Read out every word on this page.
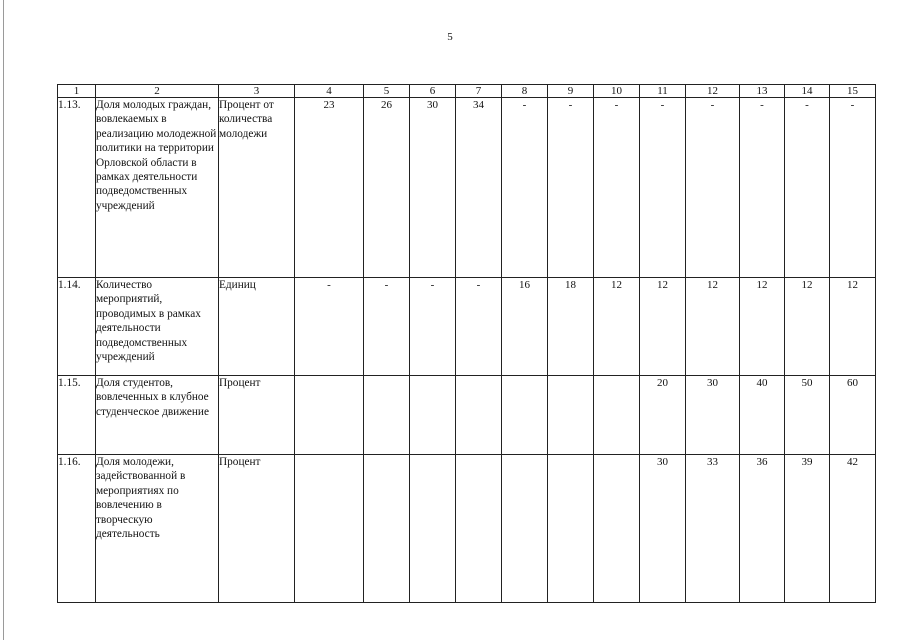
5
1	2	3	4	5	6	7	8	9	10	11	12	13	14	15
1.13.	Доля молодых граждан, вовлекаемых в реализацию молодежной политики на территории Орловской области в рамках деятельности подведомственных учреждений	Процент от количества молодежи	23	26	30	34	-	-	-	-	-	-	-	-
1.14.	Количество мероприятий, проводимых в рамках деятельности подведомственных учреждений	Единиц	-	-	-	-	16	18	12	12	12	12	12	12
1.15.	Доля студентов, вовлеченных в клубное студенческое движение	Процент								20	30	40	50	60
1.16.	Доля молодежи, задействованной в мероприятиях по вовлечению в творческую деятельность	Процент								30	33	36	39	42
